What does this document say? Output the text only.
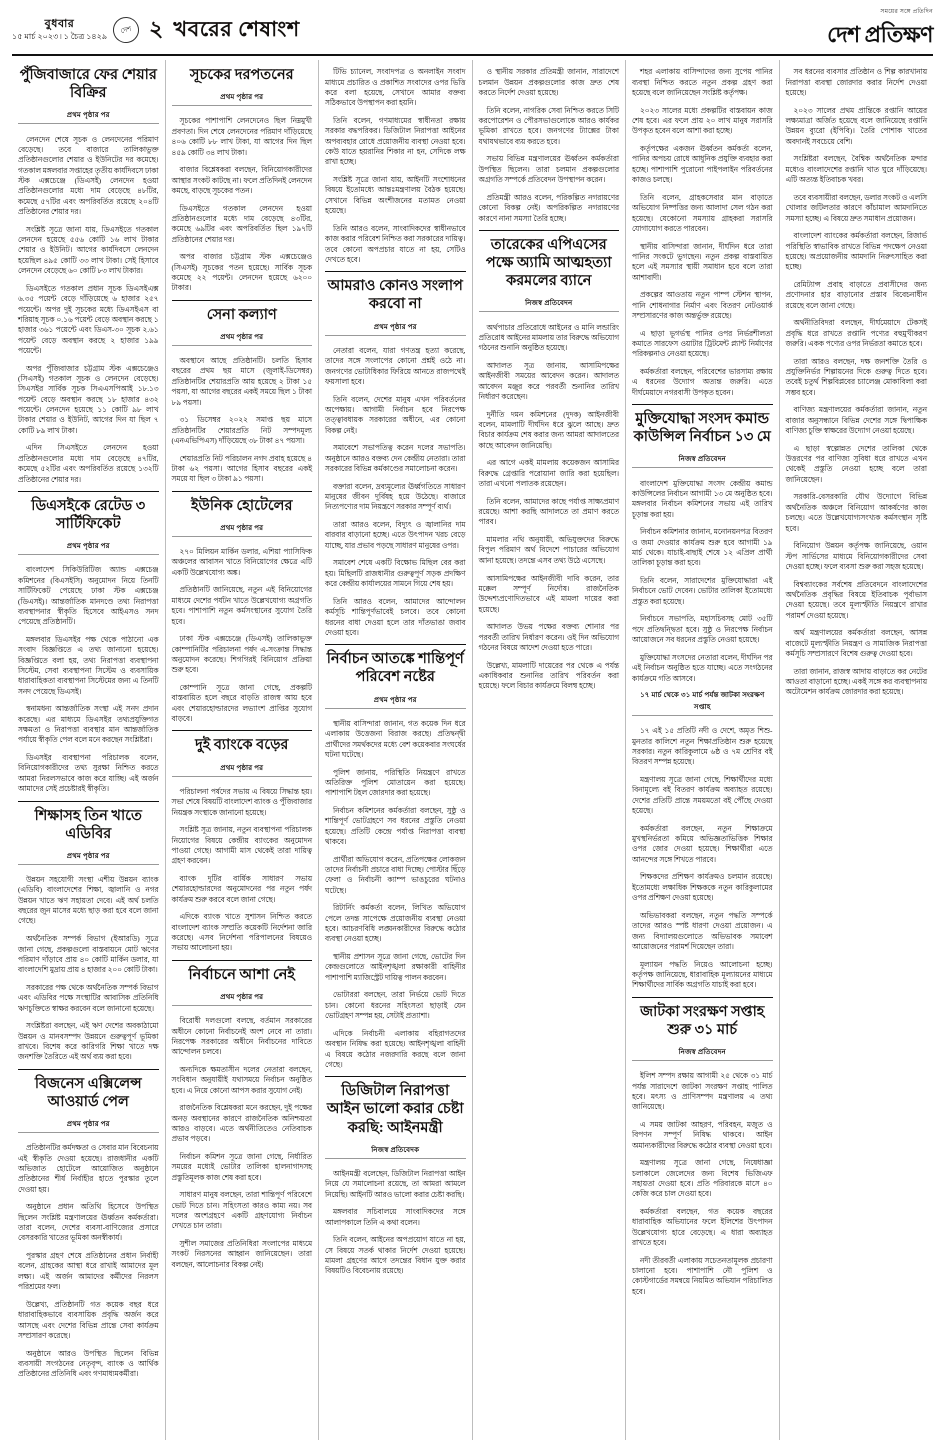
বুধবার
১৫ মার্চ ২০২৩ ৷ ১ চৈত্র ১৪২৯
দেশ ২ খবরের শেষাংশ
সময়ের সঙ্গে প্রতিদিন
দেশ প্রতিক্ষণ
পুঁজিবাজারে ফের শেয়ার বিক্রির
প্রথম পৃষ্ঠার পর

লেনদেন শেষে সূচক ও লেনদেনের পরিমাণ বেড়েছে। তবে বাজারে তালিকাভুক্ত প্রতিষ্ঠানগুলোর শেয়ার ও ইউনিটের দর কমেছে। গতকাল মঙ্গলবার সপ্তাহের তৃতীয় কার্যদিবসে ঢাকা স্টক এক্সচেঞ্জে (ডিএসই) লেনদেন হওয়া প্রতিষ্ঠানগুলোর মধ্যে দাম বেড়েছে ৪৮টির, কমেছে ৫৭টির এবং অপরিবর্তিত রয়েছে ২০৪টি প্রতিষ্ঠানের শেয়ার দর।

সংশ্লিষ্ট সূত্রে জানা যায়, ডিএসইতে গতকাল লেনদেন হয়েছে ৫৫৬ কোটি ১৬ লাখ টাকার শেয়ার ও ইউনিট। আগের কার্যদিবসে লেনদেন হয়েছিল ৪৯৫ কোটি ৩৩ লাখ টাকা। সেই হিসাবে লেনদেন বেড়েছে ৬০ কোটি ৮৩ লাখ টাকার।

ডিএসইতে গতকাল প্রধান সূচক ডিএসইএক্স ৬.৩৫ পয়েন্ট বেড়ে দাঁড়িয়েছে ৬ হাজার ২৫৭ পয়েন্টে। অপর দুই সূচকের মধ্যে ডিএসইএস বা শরিয়াহ সূচক ০.১৬ পয়েন্ট বেড়ে অবস্থান করছে ১ হাজার ৩৬১ পয়েন্টে এবং ডিএস-৩০ সূচক ২.৬১ পয়েন্ট বেড়ে অবস্থান করছে ২ হাজার ১৯৯ পয়েন্টে।

অপর পুঁজিবাজার চট্টগ্রাম স্টক এক্সচেঞ্জেও (সিএসই) গতকাল সূচক ও লেনদেন বেড়েছে। সিএসইর সার্বিক সূচক সিএএসপিআই ১৮.১৩ পয়েন্ট বেড়ে অবস্থান করছে ১৮ হাজার ৪৩২ পয়েন্টে। লেনদেন হয়েছে ১১ কোটি ৯৮ লাখ টাকার শেয়ার ও ইউনিট, আগের দিন যা ছিল ৭ কোটি ৮৯ লাখ টাকা।

এদিন সিএসইতে লেনদেন হওয়া প্রতিষ্ঠানগুলোর মধ্যে দাম বেড়েছে ৪৭টির, কমেছে ৫২টির এবং অপরিবর্তিত রয়েছে ১৩২টি প্রতিষ্ঠানের শেয়ার দর।

ডিএসইকে রেটেড ৩ সার্টিফিকেট
প্রথম পৃষ্ঠার পর

বাংলাদেশ সিকিউরিটিজ অ্যান্ড এক্সচেঞ্জ কমিশনের (বিএসইসি) অনুমোদন নিয়ে তিনটি সার্টিফিকেট পেয়েছে ঢাকা স্টক এক্সচেঞ্জ (ডিএসই)। আন্তর্জাতিক মানদণ্ডে তথ্য নিরাপত্তা ব্যবস্থাপনার স্বীকৃতি হিসেবে আইএসও সনদ পেয়েছে প্রতিষ্ঠানটি।

মঙ্গলবার ডিএসইর পক্ষ থেকে পাঠানো এক সংবাদ বিজ্ঞপ্তিতে এ তথ্য জানানো হয়েছে। বিজ্ঞপ্তিতে বলা হয়, তথ্য নিরাপত্তা ব্যবস্থাপনা সিস্টেম, সেবা ব্যবস্থাপনা সিস্টেম ও ব্যবসায়িক ধারাবাহিকতা ব্যবস্থাপনা সিস্টেমের জন্য এ তিনটি সনদ পেয়েছে ডিএসই।

স্বনামধন্য আন্তর্জাতিক সংস্থা এই সনদ প্রদান করেছে। এর মাধ্যমে ডিএসইর তথ্যপ্রযুক্তিগত সক্ষমতা ও নিরাপত্তা ব্যবস্থার মান আন্তর্জাতিক পর্যায়ে স্বীকৃতি পেল বলে মনে করছেন সংশ্লিষ্টরা।

ডিএসইর ব্যবস্থাপনা পরিচালক বলেন, বিনিয়োগকারীদের তথ্য সুরক্ষা নিশ্চিত করতে আমরা নিরলসভাবে কাজ করে যাচ্ছি। এই অর্জন আমাদের সেই প্রচেষ্টারই স্বীকৃতি।

শিক্ষাসহ তিন খাতে এডিবির
প্রথম পৃষ্ঠার পর

উন্নয়ন সহযোগী সংস্থা এশীয় উন্নয়ন ব্যাংক (এডিবি) বাংলাদেশের শিক্ষা, জ্বালানি ও নগর উন্নয়ন খাতে ঋণ সহায়তা দেবে। এই অর্থ চলতি বছরের জুন মাসের মধ্যে ছাড় করা হবে বলে জানা গেছে।

অর্থনৈতিক সম্পর্ক বিভাগ (ইআরডি) সূত্রে জানা গেছে, প্রকল্পগুলো বাস্তবায়নে মোট ঋণের পরিমাণ দাঁড়াবে প্রায় ৪০ কোটি মার্কিন ডলার, যা বাংলাদেশি মুদ্রায় প্রায় ৪ হাজার ২০০ কোটি টাকা।

সরকারের পক্ষ থেকে অর্থনৈতিক সম্পর্ক বিভাগ এবং এডিবির পক্ষে সংস্থাটির আবাসিক প্রতিনিধি ঋণচুক্তিতে স্বাক্ষর করবেন বলে জানানো হয়েছে।

সংশ্লিষ্টরা বলছেন, এই ঋণ দেশের অবকাঠামো উন্নয়ন ও মানবসম্পদ উন্নয়নে গুরুত্বপূর্ণ ভূমিকা রাখবে। বিশেষ করে কারিগরি শিক্ষা খাতে দক্ষ জনশক্তি তৈরিতে এই অর্থ ব্যয় করা হবে।

বিজনেস এক্সিলেন্স আওয়ার্ড পেল
প্রথম পৃষ্ঠার পর

প্রতিষ্ঠানটির কর্মদক্ষতা ও সেবার মান বিবেচনায় এই স্বীকৃতি দেওয়া হয়েছে। রাজধানীর একটি অভিজাত হোটেলে আয়োজিত অনুষ্ঠানে প্রতিষ্ঠানের শীর্ষ নির্বাহীর হাতে পুরস্কার তুলে দেওয়া হয়।

অনুষ্ঠানে প্রধান অতিথি হিসেবে উপস্থিত ছিলেন সংশ্লিষ্ট মন্ত্রণালয়ের ঊর্ধ্বতন কর্মকর্তারা। তারা বলেন, দেশের ব্যবসা-বাণিজ্যের প্রসারে বেসরকারি খাতের ভূমিকা অনস্বীকার্য।

পুরস্কার গ্রহণ শেষে প্রতিষ্ঠানের প্রধান নির্বাহী বলেন, গ্রাহকের আস্থা ধরে রাখাই আমাদের মূল লক্ষ্য। এই অর্জন আমাদের কর্মীদের নিরলস পরিশ্রমের ফল।

উল্লেখ্য, প্রতিষ্ঠানটি গত কয়েক বছর ধরে ধারাবাহিকভাবে ব্যবসায়িক প্রবৃদ্ধি অর্জন করে আসছে এবং দেশের বিভিন্ন প্রান্তে সেবা কার্যক্রম সম্প্রসারণ করেছে।

অনুষ্ঠানে আরও উপস্থিত ছিলেন বিভিন্ন ব্যবসায়ী সংগঠনের নেতৃবৃন্দ, ব্যাংক ও আর্থিক প্রতিষ্ঠানের প্রতিনিধি এবং গণমাধ্যমকর্মীরা।

সূচকের দরপতনের
প্রথম পৃষ্ঠার পর

সূচকের পাশাপাশি লেনদেনেও ছিল নিম্নমুখী প্রবণতা। দিন শেষে লেনদেনের পরিমাণ দাঁড়িয়েছে ৪০৬ কোটি ৮৮ লাখ টাকা, যা আগের দিন ছিল ৪৫৯ কোটি ৩৪ লাখ টাকা।

বাজার বিশ্লেষকরা বলছেন, বিনিয়োগকারীদের আস্থার সংকট কাটছে না। ফলে প্রতিদিনই লেনদেন কমছে, বাড়ছে সূচকের পতন।

ডিএসইতে গতকাল লেনদেন হওয়া প্রতিষ্ঠানগুলোর মধ্যে দাম বেড়েছে ৪৩টির, কমেছে ৬৯টির এবং অপরিবর্তিত ছিল ১৯৭টি প্রতিষ্ঠানের শেয়ার দর।

অপর বাজার চট্টগ্রাম স্টক এক্সচেঞ্জেও (সিএসই) সূচকের পতন হয়েছে। সার্বিক সূচক কমেছে ২২ পয়েন্ট। লেনদেন হয়েছে ৬২০০ টাকার।

সেনা কল্যাণ
প্রথম পৃষ্ঠার পর

অবস্থানে আছে প্রতিষ্ঠানটি। চলতি হিসাব বছরের প্রথম ছয় মাসে (জুলাই-ডিসেম্বর) প্রতিষ্ঠানটির শেয়ারপ্রতি আয় হয়েছে ২ টাকা ১৫ পয়সা, যা আগের বছরের একই সময়ে ছিল ১ টাকা ৮৯ পয়সা।

৩১ ডিসেম্বর ২০২২ সমাপ্ত ছয় মাসে প্রতিষ্ঠানটির শেয়ারপ্রতি নিট সম্পদমূল্য (এনএভিপিএস) দাঁড়িয়েছে ৩৮ টাকা ৪৭ পয়সা।

শেয়ারপ্রতি নিট পরিচালন নগদ প্রবাহ হয়েছে ৪ টাকা ৬২ পয়সা। আগের হিসাব বছরের একই সময়ে যা ছিল ৩ টাকা ৯১ পয়সা।

ইউনিক হোটেলের
প্রথম পৃষ্ঠার পর

২৭০ মিলিয়ন মার্কিন ডলার, এশিয়া প্যাসিফিক অঞ্চলের আবাসন খাতে বিনিয়োগের ক্ষেত্রে এটি একটি উল্লেখযোগ্য অঙ্ক।

প্রতিষ্ঠানটি জানিয়েছে, নতুন এই বিনিয়োগের মাধ্যমে দেশের পর্যটন খাতে উল্লেখযোগ্য অগ্রগতি হবে। পাশাপাশি নতুন কর্মসংস্থানের সুযোগ তৈরি হবে।

ঢাকা স্টক এক্সচেঞ্জে (ডিএসই) তালিকাভুক্ত কোম্পানিটির পরিচালনা পর্ষদ এ-সংক্রান্ত সিদ্ধান্ত অনুমোদন করেছে। শিগগিরই বিনিয়োগ প্রক্রিয়া শুরু হবে।

কোম্পানি সূত্রে জানা গেছে, প্রকল্পটি বাস্তবায়িত হলে বছরে বাড়তি রাজস্ব আয় হবে এবং শেয়ারহোল্ডারদের লভ্যাংশ প্রাপ্তির সুযোগ বাড়বে।

দুই ব্যাংকে বড়ের
প্রথম পৃষ্ঠার পর

পরিচালনা পর্ষদের সভায় এ বিষয়ে সিদ্ধান্ত হয়। সভা শেষে বিষয়টি বাংলাদেশ ব্যাংক ও পুঁজিবাজার নিয়ন্ত্রক সংস্থাকে জানানো হয়েছে।

সংশ্লিষ্ট সূত্র জানায়, নতুন ব্যবস্থাপনা পরিচালক নিয়োগের বিষয়ে কেন্দ্রীয় ব্যাংকের অনুমোদন পাওয়া গেছে। আগামী মাস থেকেই তারা দায়িত্ব গ্রহণ করবেন।

ব্যাংক দুটির বার্ষিক সাধারণ সভায় শেয়ারহোল্ডারদের অনুমোদনের পর নতুন পর্ষদ কার্যক্রম শুরু করবে বলে জানা গেছে।

এদিকে ব্যাংক খাতে সুশাসন নিশ্চিত করতে বাংলাদেশ ব্যাংক সম্প্রতি কয়েকটি নির্দেশনা জারি করেছে। এসব নির্দেশনা পরিপালনের বিষয়েও সভায় আলোচনা হয়।

নির্বাচনে আশা নেই
প্রথম পৃষ্ঠার পর

বিরোধী দলগুলো বলছে, বর্তমান সরকারের অধীনে কোনো নির্বাচনেই অংশ নেবে না তারা। নিরপেক্ষ সরকারের অধীনে নির্বাচনের দাবিতে আন্দোলন চলবে।

অন্যদিকে ক্ষমতাসীন দলের নেতারা বলছেন, সংবিধান অনুযায়ীই যথাসময়ে নির্বাচন অনুষ্ঠিত হবে। এ নিয়ে কোনো আপস করার সুযোগ নেই।

রাজনৈতিক বিশ্লেষকরা মনে করছেন, দুই পক্ষের অনড় অবস্থানের কারণে রাজনৈতিক অনিশ্চয়তা আরও বাড়বে। এতে অর্থনীতিতেও নেতিবাচক প্রভাব পড়বে।

নির্বাচন কমিশন সূত্রে জানা গেছে, নির্ধারিত সময়ের মধ্যেই ভোটার তালিকা হালনাগাদসহ প্রস্তুতিমূলক কাজ শেষ করা হবে।

সাধারণ মানুষ বলছেন, তারা শান্তিপূর্ণ পরিবেশে ভোট দিতে চান। সহিংসতা কারও কাম্য নয়। সব দলের অংশগ্রহণে একটি গ্রহণযোগ্য নির্বাচন দেখতে চান তারা।

সুশীল সমাজের প্রতিনিধিরা সংলাপের মাধ্যমে সংকট নিরসনের আহ্বান জানিয়েছেন। তারা বলছেন, আলোচনার বিকল্প নেই।

টিভি চ্যানেল, সংবাদপত্র ও অনলাইন সংবাদ মাধ্যমে প্রচারিত ও প্রকাশিত সংবাদের ওপর ভিত্তি করে বলা হয়েছে, সেখানে আমার বক্তব্য সঠিকভাবে উপস্থাপন করা হয়নি।

তিনি বলেন, গণমাধ্যমের স্বাধীনতা রক্ষায় সরকার বদ্ধপরিকর। ডিজিটাল নিরাপত্তা আইনের অপব্যবহার রোধে প্রয়োজনীয় ব্যবস্থা নেওয়া হবে। কেউ যাতে হয়রানির শিকার না হন, সেদিকে লক্ষ রাখা হচ্ছে।

সংশ্লিষ্ট সূত্রে জানা যায়, আইনটি সংশোধনের বিষয়ে ইতোমধ্যে আন্তঃমন্ত্রণালয় বৈঠক হয়েছে। সেখানে বিভিন্ন অংশীজনের মতামত নেওয়া হয়েছে।

তিনি আরও বলেন, সাংবাদিকদের স্বাধীনভাবে কাজ করার পরিবেশ নিশ্চিত করা সরকারের দায়িত্ব। তবে কোনো অপপ্রচার যাতে না হয়, সেটিও দেখতে হবে।

আমরাও কোনও সংলাপ করবো না
প্রথম পৃষ্ঠার পর

নেতারা বলেন, যারা গণতন্ত্র হত্যা করেছে, তাদের সঙ্গে সংলাপের কোনো প্রশ্নই ওঠে না। জনগণের ভোটাধিকার ফিরিয়ে আনতে রাজপথেই ফয়সালা হবে।

তিনি বলেন, দেশের মানুষ এখন পরিবর্তনের অপেক্ষায়। আগামী নির্বাচন হবে নিরপেক্ষ তত্ত্বাবধায়ক সরকারের অধীনে, এর কোনো বিকল্প নেই।

সমাবেশে সভাপতিত্ব করেন দলের সভাপতি। অনুষ্ঠানে আরও বক্তব্য দেন কেন্দ্রীয় নেতারা। তারা সরকারের বিভিন্ন কর্মকাণ্ডের সমালোচনা করেন।

বক্তারা বলেন, দ্রব্যমূল্যের ঊর্ধ্বগতিতে সাধারণ মানুষের জীবন দুর্বিষহ হয়ে উঠেছে। বাজারে নিত্যপণ্যের দাম নিয়ন্ত্রণে সরকার সম্পূর্ণ ব্যর্থ।

তারা আরও বলেন, বিদ্যুৎ ও জ্বালানির দাম বারবার বাড়ানো হচ্ছে। এতে উৎপাদন খরচ বেড়ে যাচ্ছে, যার প্রভাব পড়ছে সাধারণ মানুষের ওপর।

সমাবেশ শেষে একটি বিক্ষোভ মিছিল বের করা হয়। মিছিলটি রাজধানীর গুরুত্বপূর্ণ সড়ক প্রদক্ষিণ করে কেন্দ্রীয় কার্যালয়ের সামনে গিয়ে শেষ হয়।

তিনি আরও বলেন, আমাদের আন্দোলন কর্মসূচি শান্তিপূর্ণভাবেই চলবে। তবে কোনো ধরনের বাধা দেওয়া হলে তার দাঁতভাঙা জবাব দেওয়া হবে।

নির্বাচন আতঙ্কে শান্তিপূর্ণ পরিবেশ নষ্টের
প্রথম পৃষ্ঠার পর

স্থানীয় বাসিন্দারা জানান, গত কয়েক দিন ধরে এলাকায় উত্তেজনা বিরাজ করছে। প্রতিদ্বন্দ্বী প্রার্থীদের সমর্থকদের মধ্যে বেশ কয়েকবার সংঘর্ষের ঘটনা ঘটেছে।

পুলিশ জানায়, পরিস্থিতি নিয়ন্ত্রণে রাখতে অতিরিক্ত পুলিশ মোতায়েন করা হয়েছে। পাশাপাশি টহল জোরদার করা হয়েছে।

নির্বাচন কমিশনের কর্মকর্তারা বলছেন, সুষ্ঠু ও শান্তিপূর্ণ ভোটগ্রহণে সব ধরনের প্রস্তুতি নেওয়া হয়েছে। প্রতিটি কেন্দ্রে পর্যাপ্ত নিরাপত্তা ব্যবস্থা থাকবে।

প্রার্থীরা অভিযোগ করেন, প্রতিপক্ষের লোকজন তাদের নির্বাচনী প্রচারে বাধা দিচ্ছে। পোস্টার ছিঁড়ে ফেলা ও নির্বাচনী ক্যাম্প ভাঙচুরের ঘটনাও ঘটেছে।

রিটার্নিং কর্মকর্তা বলেন, লিখিত অভিযোগ পেলে তদন্ত সাপেক্ষে প্রয়োজনীয় ব্যবস্থা নেওয়া হবে। আচরণবিধি লঙ্ঘনকারীদের বিরুদ্ধে কঠোর ব্যবস্থা নেওয়া হচ্ছে।

স্থানীয় প্রশাসন সূত্রে জানা গেছে, ভোটের দিন কেন্দ্রগুলোতে আইনশৃঙ্খলা রক্ষাকারী বাহিনীর পাশাপাশি ম্যাজিস্ট্রেট দায়িত্ব পালন করবেন।

ভোটাররা বলছেন, তারা নির্ভয়ে ভোট দিতে চান। কোনো ধরনের সহিংসতা ছাড়াই যেন ভোটগ্রহণ সম্পন্ন হয়, সেটাই প্রত্যাশা।

এদিকে নির্বাচনী এলাকায় বহিরাগতদের অবস্থান নিষিদ্ধ করা হয়েছে। আইনশৃঙ্খলা বাহিনী এ বিষয়ে কঠোর নজরদারি করছে বলে জানা গেছে।

ডিজিটাল নিরাপত্তা আইন ভালো করার চেষ্টা করছি: আইনমন্ত্রী
নিজস্ব প্রতিবেদক

আইনমন্ত্রী বলেছেন, ডিজিটাল নিরাপত্তা আইন নিয়ে যে সমালোচনা রয়েছে, তা আমরা আমলে নিয়েছি। আইনটি আরও ভালো করার চেষ্টা করছি।

মঙ্গলবার সচিবালয়ে সাংবাদিকদের সঙ্গে আলাপকালে তিনি এ কথা বলেন।

তিনি বলেন, আইনের অপপ্রয়োগ যাতে না হয়, সে বিষয়ে সতর্ক থাকার নির্দেশ দেওয়া হয়েছে। মামলা গ্রহণের আগে তদন্তের বিধান যুক্ত করার বিষয়টিও বিবেচনায় রয়েছে।

ও স্থানীয় সরকার প্রতিমন্ত্রী জানান, সারাদেশে চলমান উন্নয়ন প্রকল্পগুলোর কাজ দ্রুত শেষ করতে নির্দেশ দেওয়া হয়েছে।

তিনি বলেন, নাগরিক সেবা নিশ্চিত করতে সিটি করপোরেশন ও পৌরসভাগুলোকে আরও কার্যকর ভূমিকা রাখতে হবে। জনগণের ট্যাক্সের টাকা যথাযথভাবে ব্যয় করতে হবে।

সভায় বিভিন্ন মন্ত্রণালয়ের ঊর্ধ্বতন কর্মকর্তারা উপস্থিত ছিলেন। তারা চলমান প্রকল্পগুলোর অগ্রগতি সম্পর্কে প্রতিবেদন উপস্থাপন করেন।

প্রতিমন্ত্রী আরও বলেন, পরিকল্পিত নগরায়ণের কোনো বিকল্প নেই। অপরিকল্পিত নগরায়ণের কারণে নানা সমস্যা তৈরি হচ্ছে।

তারেকের এপিএসের পক্ষে অ্যামি আত্মহত্যা করমলের ব্যানে
নিজস্ব প্রতিবেদন

অর্থপাচার প্রতিরোধে আইনের ও মানি লন্ডারিং প্রতিরোধ আইনের মামলায় তার বিরুদ্ধে অভিযোগ গঠনের শুনানি অনুষ্ঠিত হয়েছে।

আদালত সূত্র জানায়, আসামিপক্ষের আইনজীবী সময়ের আবেদন করেন। আদালত আবেদন মঞ্জুর করে পরবর্তী শুনানির তারিখ নির্ধারণ করেছেন।

দুর্নীতি দমন কমিশনের (দুদক) আইনজীবী বলেন, মামলাটি দীর্ঘদিন ধরে ঝুলে আছে। দ্রুত বিচার কার্যক্রম শেষ করার জন্য আমরা আদালতের কাছে আবেদন জানিয়েছি।

এর আগে একই মামলায় কয়েকজন আসামির বিরুদ্ধে গ্রেপ্তারি পরোয়ানা জারি করা হয়েছিল। তারা এখনো পলাতক রয়েছেন।

তিনি বলেন, আমাদের কাছে পর্যাপ্ত সাক্ষ্যপ্রমাণ রয়েছে। আশা করছি আদালতে তা প্রমাণ করতে পারব।

মামলার নথি অনুযায়ী, অভিযুক্তদের বিরুদ্ধে বিপুল পরিমাণ অর্থ বিদেশে পাচারের অভিযোগ আনা হয়েছে। তদন্তে এসব তথ্য উঠে এসেছে।

আসামিপক্ষের আইনজীবী দাবি করেন, তার মক্কেল সম্পূর্ণ নির্দোষ। রাজনৈতিক উদ্দেশ্যপ্রণোদিতভাবে এই মামলা দায়ের করা হয়েছে।

আদালত উভয় পক্ষের বক্তব্য শোনার পর পরবর্তী তারিখ নির্ধারণ করেন। ওই দিন অভিযোগ গঠনের বিষয়ে আদেশ দেওয়া হতে পারে।

উল্লেখ্য, মামলাটি দায়েরের পর থেকে এ পর্যন্ত একাধিকবার শুনানির তারিখ পরিবর্তন করা হয়েছে। ফলে বিচার কার্যক্রমে বিলম্ব হচ্ছে।

শহর এলাকায় বাসিন্দাদের জন্য সুপেয় পানির ব্যবস্থা নিশ্চিত করতে নতুন প্রকল্প গ্রহণ করা হয়েছে বলে জানিয়েছেন সংশ্লিষ্ট কর্তৃপক্ষ।

২০২৩ সালের মধ্যে প্রকল্পটির বাস্তবায়ন কাজ শেষ হবে। এর ফলে প্রায় ২০ লাখ মানুষ সরাসরি উপকৃত হবেন বলে আশা করা হচ্ছে।

কর্তৃপক্ষের একজন ঊর্ধ্বতন কর্মকর্তা বলেন, পানির অপচয় রোধে আধুনিক প্রযুক্তি ব্যবহার করা হচ্ছে। পাশাপাশি পুরোনো পাইপলাইন পরিবর্তনের কাজও চলছে।

তিনি বলেন, গ্রাহকসেবার মান বাড়াতে অভিযোগ নিষ্পত্তির জন্য আলাদা সেল গঠন করা হয়েছে। যেকোনো সমস্যায় গ্রাহকরা সরাসরি যোগাযোগ করতে পারবেন।

স্থানীয় বাসিন্দারা জানান, দীর্ঘদিন ধরে তারা পানির সংকটে ভুগছেন। নতুন প্রকল্প বাস্তবায়িত হলে এই সমস্যার স্থায়ী সমাধান হবে বলে তারা আশাবাদী।

প্রকল্পের আওতায় নতুন পাম্প স্টেশন স্থাপন, পানি শোধনাগার নির্মাণ এবং বিতরণ নেটওয়ার্ক সম্প্রসারণের কাজ অন্তর্ভুক্ত রয়েছে।

এ ছাড়া ভূগর্ভস্থ পানির ওপর নির্ভরশীলতা কমাতে সারফেস ওয়াটার ট্রিটমেন্ট প্ল্যান্ট নির্মাণের পরিকল্পনাও নেওয়া হয়েছে।

কর্মকর্তারা বলছেন, পরিবেশের ভারসাম্য রক্ষায় এ ধরনের উদ্যোগ অত্যন্ত জরুরি। এতে দীর্ঘমেয়াদে নগরবাসী উপকৃত হবেন।

মুক্তিযোদ্ধা সংসদ কমান্ড কাউন্সিল নির্বাচন ১৩ মে
নিজস্ব প্রতিবেদন

বাংলাদেশ মুক্তিযোদ্ধা সংসদ কেন্দ্রীয় কমান্ড কাউন্সিলের নির্বাচন আগামী ১৩ মে অনুষ্ঠিত হবে। মঙ্গলবার নির্বাচন কমিশনের সভায় এই তারিখ চূড়ান্ত করা হয়।

নির্বাচন কমিশনার জানান, মনোনয়নপত্র বিতরণ ও জমা দেওয়ার কার্যক্রম শুরু হবে আগামী ১৯ মার্চ থেকে। যাচাই-বাছাই শেষে ১২ এপ্রিল প্রার্থী তালিকা চূড়ান্ত করা হবে।

তিনি বলেন, সারাদেশের মুক্তিযোদ্ধারা এই নির্বাচনে ভোট দেবেন। ভোটার তালিকা ইতোমধ্যে প্রস্তুত করা হয়েছে।

নির্বাচনে সভাপতি, মহাসচিবসহ মোট ৩৫টি পদে প্রতিদ্বন্দ্বিতা হবে। সুষ্ঠু ও নিরপেক্ষ নির্বাচন আয়োজনে সব ধরনের প্রস্তুতি নেওয়া হয়েছে।

মুক্তিযোদ্ধা সংসদের নেতারা বলেন, দীর্ঘদিন পর এই নির্বাচন অনুষ্ঠিত হতে যাচ্ছে। এতে সংগঠনের কার্যক্রমে গতি আসবে।

১৭ মার্চ থেকে ৩১ মার্চ পর্যন্ত জাটকা সংরক্ষণ সপ্তাহ

১৭ এই ১৫ প্রতিটি নদী ও দেশে, অমৃত শিশু-মুনতার কালিশে নতুন শিক্ষাপ্রতিষ্ঠান শুরু হয়েছে সরকার। নতুন কারিকুলামে ৬ষ্ঠ ও ৭ম শ্রেণির বই বিতরণ সম্পন্ন হয়েছে।

মন্ত্রণালয় সূত্রে জানা গেছে, শিক্ষার্থীদের মধ্যে বিনামূল্যে বই বিতরণ কার্যক্রম অব্যাহত রয়েছে। দেশের প্রতিটি প্রান্তে সময়মতো বই পৌঁছে দেওয়া হয়েছে।

কর্মকর্তারা বলছেন, নতুন শিক্ষাক্রমে মুখস্থনির্ভরতা কমিয়ে অভিজ্ঞতাভিত্তিক শিক্ষার ওপর জোর দেওয়া হয়েছে। শিক্ষার্থীরা এতে আনন্দের সঙ্গে শিখতে পারবে।

শিক্ষকদের প্রশিক্ষণ কার্যক্রমও চলমান রয়েছে। ইতোমধ্যে লক্ষাধিক শিক্ষককে নতুন কারিকুলামের ওপর প্রশিক্ষণ দেওয়া হয়েছে।

অভিভাবকরা বলছেন, নতুন পদ্ধতি সম্পর্কে তাদের আরও স্পষ্ট ধারণা দেওয়া প্রয়োজন। এ জন্য বিদ্যালয়গুলোতে অভিভাবক সমাবেশ আয়োজনের পরামর্শ দিয়েছেন তারা।

মূল্যায়ন পদ্ধতি নিয়েও আলোচনা হচ্ছে। কর্তৃপক্ষ জানিয়েছে, ধারাবাহিক মূল্যায়নের মাধ্যমে শিক্ষার্থীদের সার্বিক অগ্রগতি যাচাই করা হবে।

জাটকা সংরক্ষণ সপ্তাহ শুরু ৩১ মার্চ
নিজস্ব প্রতিবেদন

ইলিশ সম্পদ রক্ষায় আগামী ২৫ থেকে ৩১ মার্চ পর্যন্ত সারাদেশে জাটকা সংরক্ষণ সপ্তাহ পালিত হবে। মৎস্য ও প্রাণিসম্পদ মন্ত্রণালয় এ তথ্য জানিয়েছে।

এ সময় জাটকা আহরণ, পরিবহন, মজুত ও বিপণন সম্পূর্ণ নিষিদ্ধ থাকবে। আইন অমান্যকারীদের বিরুদ্ধে কঠোর ব্যবস্থা নেওয়া হবে।

মন্ত্রণালয় সূত্রে জানা গেছে, নিষেধাজ্ঞা চলাকালে জেলেদের জন্য বিশেষ ভিজিএফ সহায়তা দেওয়া হবে। প্রতি পরিবারকে মাসে ৪০ কেজি করে চাল দেওয়া হবে।

কর্মকর্তারা বলছেন, গত কয়েক বছরের ধারাবাহিক অভিযানের ফলে ইলিশের উৎপাদন উল্লেখযোগ্য হারে বেড়েছে। এ ধারা অব্যাহত রাখতে হবে।

নদী তীরবর্তী এলাকায় সচেতনতামূলক প্রচারণা চালানো হবে। পাশাপাশি নৌ পুলিশ ও কোস্টগার্ডের সমন্বয়ে নিয়মিত অভিযান পরিচালিত হবে।

সব ধরনের ব্যবসার প্রতিষ্ঠান ও শিল্প কারখানায় নিরাপত্তা ব্যবস্থা জোরদার করার নির্দেশ দেওয়া হয়েছে।

২০২৩ সালের প্রথম প্রান্তিকে রপ্তানি আয়ের লক্ষ্যমাত্রা অর্জিত হয়েছে বলে জানিয়েছে রপ্তানি উন্নয়ন ব্যুরো (ইপিবি)। তৈরি পোশাক খাতের অবদানই সবচেয়ে বেশি।

সংশ্লিষ্টরা বলছেন, বৈশ্বিক অর্থনৈতিক মন্দার মধ্যেও বাংলাদেশের রপ্তানি খাত ঘুরে দাঁড়িয়েছে। এটি অত্যন্ত ইতিবাচক খবর।

তবে ব্যবসায়ীরা বলছেন, ডলার সংকট ও এলসি খোলার জটিলতার কারণে কাঁচামাল আমদানিতে সমস্যা হচ্ছে। এ বিষয়ে দ্রুত সমাধান প্রয়োজন।

বাংলাদেশ ব্যাংকের কর্মকর্তারা বলছেন, রিজার্ভ পরিস্থিতি স্বাভাবিক রাখতে বিভিন্ন পদক্ষেপ নেওয়া হয়েছে। অপ্রয়োজনীয় আমদানি নিরুৎসাহিত করা হচ্ছে।

রেমিট্যান্স প্রবাহ বাড়াতে প্রবাসীদের জন্য প্রণোদনার হার বাড়ানোর প্রস্তাব বিবেচনাধীন রয়েছে বলে জানা গেছে।

অর্থনীতিবিদরা বলছেন, দীর্ঘমেয়াদে টেকসই প্রবৃদ্ধি ধরে রাখতে রপ্তানি পণ্যের বহুমুখীকরণ জরুরি। একক পণ্যের ওপর নির্ভরতা কমাতে হবে।

তারা আরও বলছেন, দক্ষ জনশক্তি তৈরি ও প্রযুক্তিনির্ভর শিল্পায়নের দিকে গুরুত্ব দিতে হবে। তবেই চতুর্থ শিল্পবিপ্লবের চ্যালেঞ্জ মোকাবিলা করা সম্ভব হবে।

বাণিজ্য মন্ত্রণালয়ের কর্মকর্তারা জানান, নতুন বাজার অনুসন্ধানে বিভিন্ন দেশের সঙ্গে দ্বিপাক্ষিক বাণিজ্য চুক্তি স্বাক্ষরের উদ্যোগ নেওয়া হয়েছে।

এ ছাড়া স্বল্পোন্নত দেশের তালিকা থেকে উত্তরণের পর বাণিজ্য সুবিধা ধরে রাখতে এখন থেকেই প্রস্তুতি নেওয়া হচ্ছে বলে তারা জানিয়েছেন।

সরকারি-বেসরকারি যৌথ উদ্যোগে বিভিন্ন অর্থনৈতিক অঞ্চলে বিনিয়োগ আকর্ষণের কাজ চলছে। এতে উল্লেখযোগ্যসংখ্যক কর্মসংস্থান সৃষ্টি হবে।

বিনিয়োগ উন্নয়ন কর্তৃপক্ষ জানিয়েছে, ওয়ান স্টপ সার্ভিসের মাধ্যমে বিনিয়োগকারীদের সেবা দেওয়া হচ্ছে। ফলে ব্যবসা শুরু করা সহজ হয়েছে।

বিশ্বব্যাংকের সর্বশেষ প্রতিবেদনে বাংলাদেশের অর্থনৈতিক প্রবৃদ্ধির বিষয়ে ইতিবাচক পূর্বাভাস দেওয়া হয়েছে। তবে মূল্যস্ফীতি নিয়ন্ত্রণে রাখার পরামর্শ দেওয়া হয়েছে।

অর্থ মন্ত্রণালয়ের কর্মকর্তারা বলছেন, আসন্ন বাজেটে মূল্যস্ফীতি নিয়ন্ত্রণ ও সামাজিক নিরাপত্তা কর্মসূচি সম্প্রসারণে বিশেষ গুরুত্ব দেওয়া হবে।

তারা জানান, রাজস্ব আদায় বাড়াতে কর নেটের আওতা বাড়ানো হচ্ছে। একই সঙ্গে কর ব্যবস্থাপনায় অটোমেশন কার্যক্রম জোরদার করা হয়েছে।
